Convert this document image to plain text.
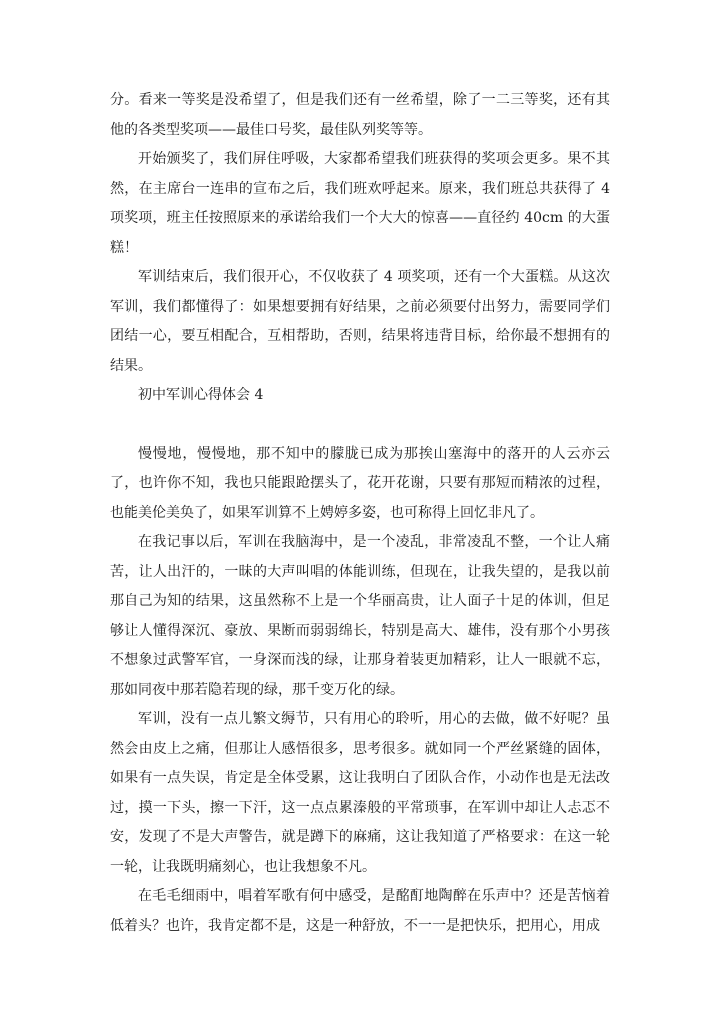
分。看来一等奖是没希望了，但是我们还有一丝希望，除了一二三等奖，还有其他的各类型奖项——最佳口号奖，最佳队列奖等等。

开始颁奖了，我们屏住呼吸，大家都希望我们班获得的奖项会更多。果不其然，在主席台一连串的宣布之后，我们班欢呼起来。原来，我们班总共获得了 4 项奖项，班主任按照原来的承诺给我们一个大大的惊喜——直径约 40cm 的大蛋糕！

军训结束后，我们很开心，不仅收获了 4 项奖项，还有一个大蛋糕。从这次军训，我们都懂得了：如果想要拥有好结果，之前必须要付出努力，需要同学们团结一心，要互相配合，互相帮助，否则，结果将违背目标，给你最不想拥有的结果。

初中军训心得体会 4

慢慢地，慢慢地，那不知中的朦胧已成为那挨山塞海中的落开的人云亦云了，也许你不知，我也只能跟跄摆头了，花开花谢，只要有那短而精浓的过程，也能美伦美奂了，如果军训算不上娉婷多姿，也可称得上回忆非凡了。

在我记事以后，军训在我脑海中，是一个凌乱，非常凌乱不整，一个让人痛苦，让人出汗的，一昧的大声叫唱的体能训练，但现在，让我失望的，是我以前那自己为知的结果，这虽然称不上是一个华丽高贵，让人面子十足的体训，但足够让人懂得深沉、豪放、果断而弱弱绵长，特别是高大、雄伟，没有那个小男孩不想象过武警军官，一身深而浅的绿，让那身着装更加精彩，让人一眼就不忘，那如同夜中那若隐若现的绿，那千变万化的绿。

军训，没有一点儿繁文缛节，只有用心的聆听，用心的去做，做不好呢？虽然会由皮上之痛，但那让人感悟很多，思考很多。就如同一个严丝紧缝的固体，如果有一点失误，肯定是全体受累，这让我明白了团队合作，小动作也是无法改过，摸一下头，擦一下汗，这一点点累溱般的平常琐事，在军训中却让人忐忑不安，发现了不是大声警告，就是蹲下的麻痛，这让我知道了严格要求：在这一轮一轮，让我既明痛刻心，也让我想象不凡。

在毛毛细雨中，唱着军歌有何中感受，是酩酊地陶醉在乐声中？还是苦恼着低着头？也许，我肯定都不是，这是一种舒放，不一一是把快乐，把用心，用成
